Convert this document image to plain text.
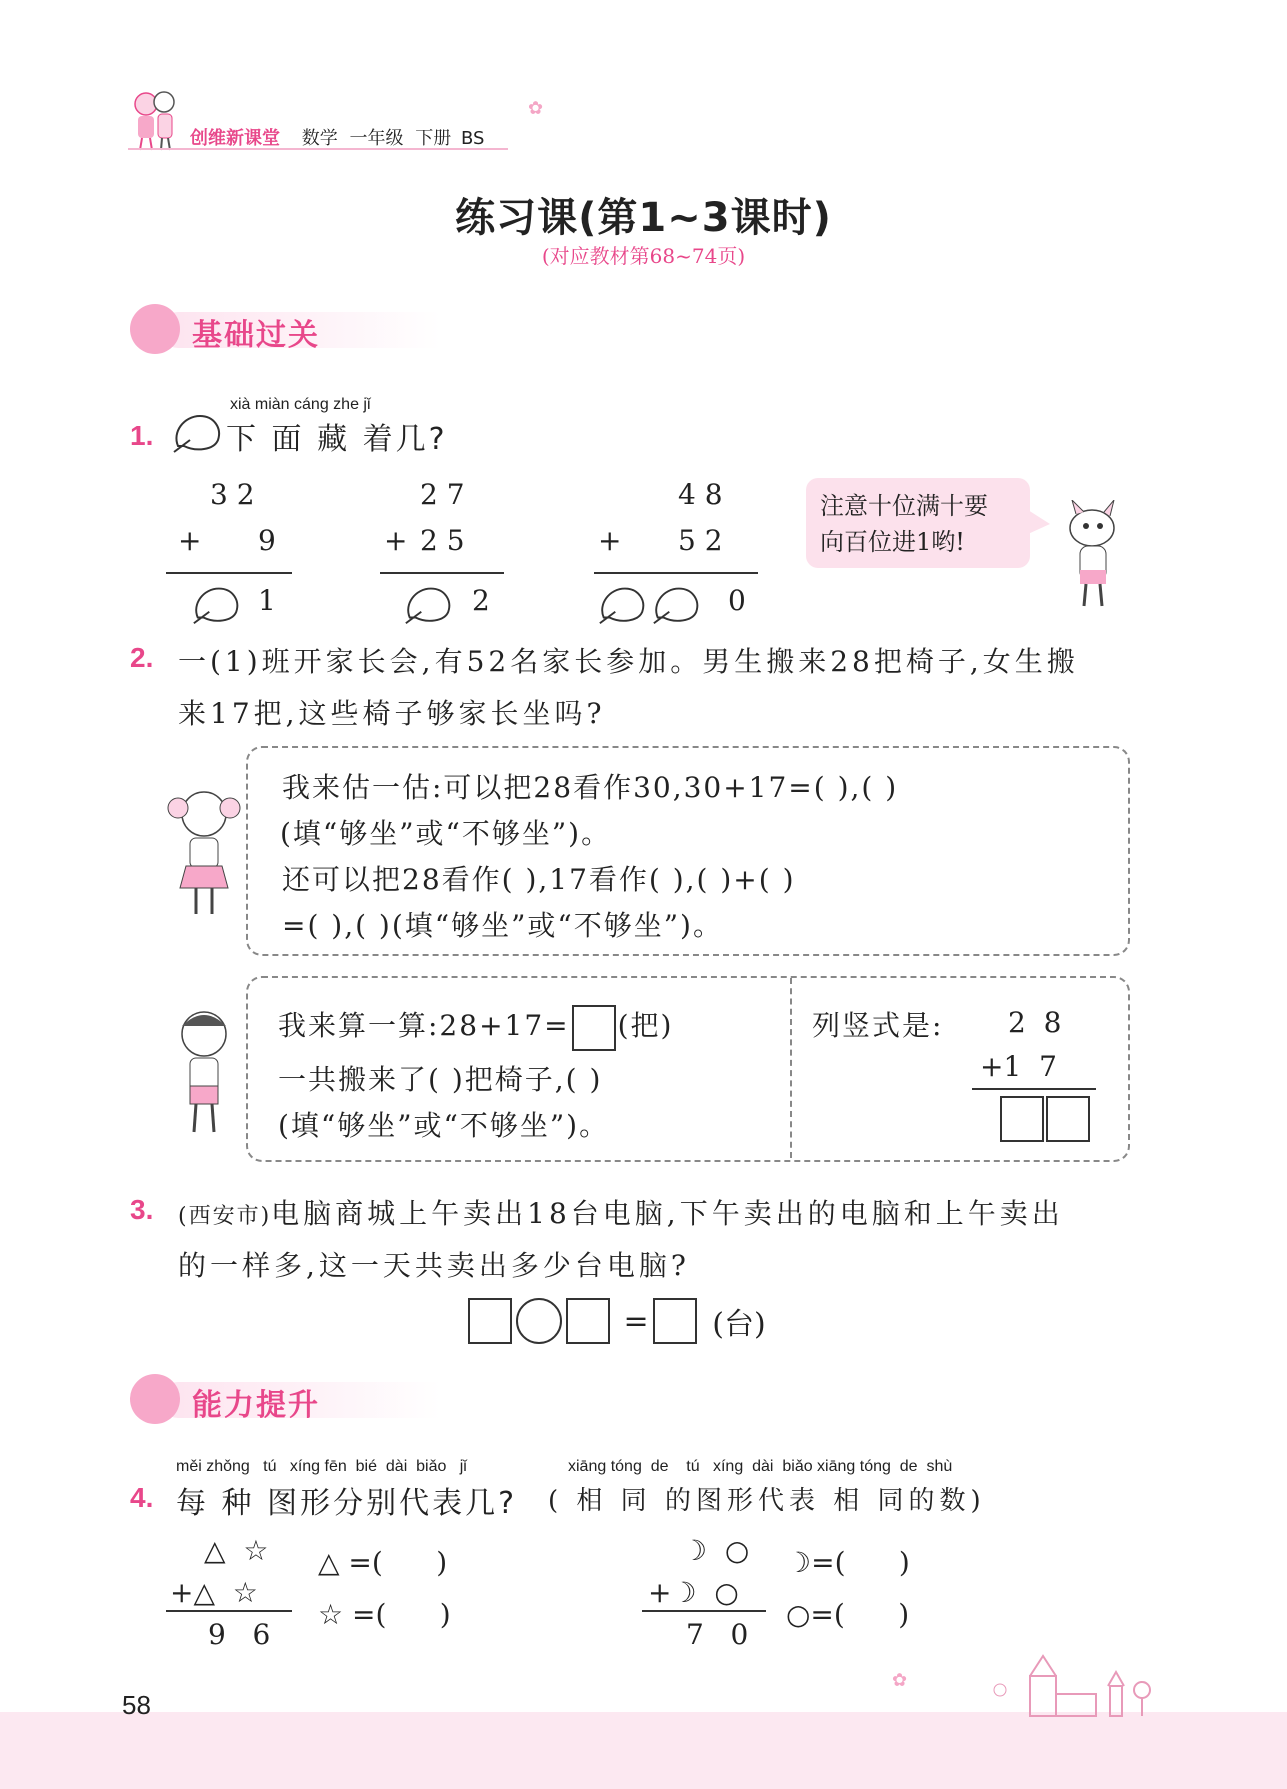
创维新课堂 数学 一年级 下册 BS
✿
练习课(第1~3课时)
(对应教材第68~74页)
基础过关
1.
xià miàn cáng zhe jǐ
下 面 藏 着几?
3 2
+ 9
1
2 7
+ 2 5
2
4 8
+ 5 2
0
注意十位满十要
向百位进1哟!
2. 一(1)班开家长会,有52名家长参加。男生搬来28把椅子,女生搬
来17把,这些椅子够家长坐吗?
我来估一估:可以把28看作30,30+17=( ),( )
(填“够坐”或“不够坐”)。
还可以把28看作( ),17看作( ),( )+( )
=( ),( )(填“够坐”或“不够坐”)。
我来算一算:28+17= (把)
一共搬来了( )把椅子,( )
(填“够坐”或“不够坐”)。
列竖式是: 2  8
+1  7
3. (西安市)电脑商城上午卖出18台电脑,下午卖出的电脑和上午卖出
的一样多,这一天共卖出多少台电脑?
= (台)
能力提升
4.
měi zhǒng   tú   xíng fēn  bié  dài  biǎo   jǐ	xiāng tóng  de    tú   xíng  dài  biǎo xiāng tóng  de  shù
每 种 图形分别代表几? ( 相 同 的图形代表 相 同的数)
△  ☆
+△  ☆
9   6
△ =(      )
☆ =(      )
☽  ○
+☽  ○
7   0
☽=(      )
○=(      )
✿
58
